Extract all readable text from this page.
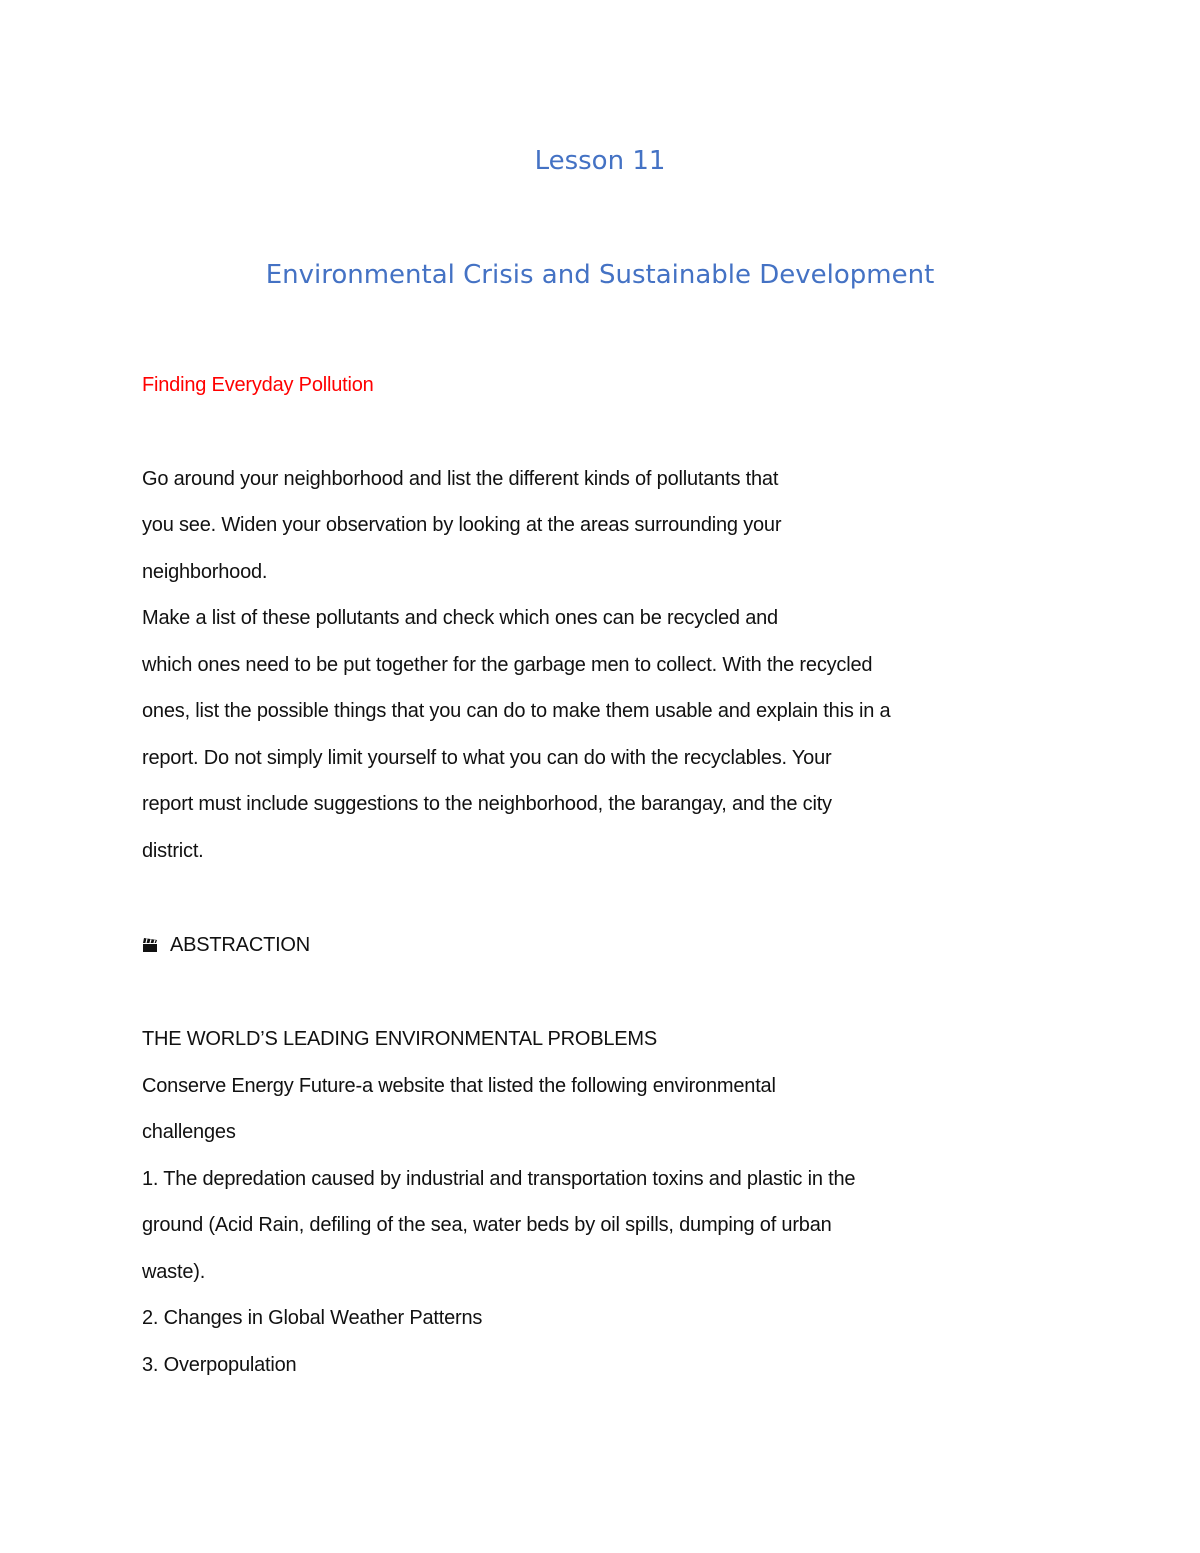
Lesson 11
Environmental Crisis and Sustainable Development
Finding Everyday Pollution
Go around your neighborhood and list the different kinds of pollutants that
you see. Widen your observation by looking at the areas surrounding your
neighborhood.
Make a list of these pollutants and check which ones can be recycled and
which ones need to be put together for the garbage men to collect. With the recycled
ones, list the possible things that you can do to make them usable and explain this in a
report. Do not simply limit yourself to what you can do with the recyclables. Your
report must include suggestions to the neighborhood, the barangay, and the city
district.
ABSTRACTION
THE WORLD’S LEADING ENVIRONMENTAL PROBLEMS
Conserve Energy Future-a website that listed the following environmental
challenges
1. The depredation caused by industrial and transportation toxins and plastic in the
ground (Acid Rain, defiling of the sea, water beds by oil spills, dumping of urban
waste).
2. Changes in Global Weather Patterns
3. Overpopulation
